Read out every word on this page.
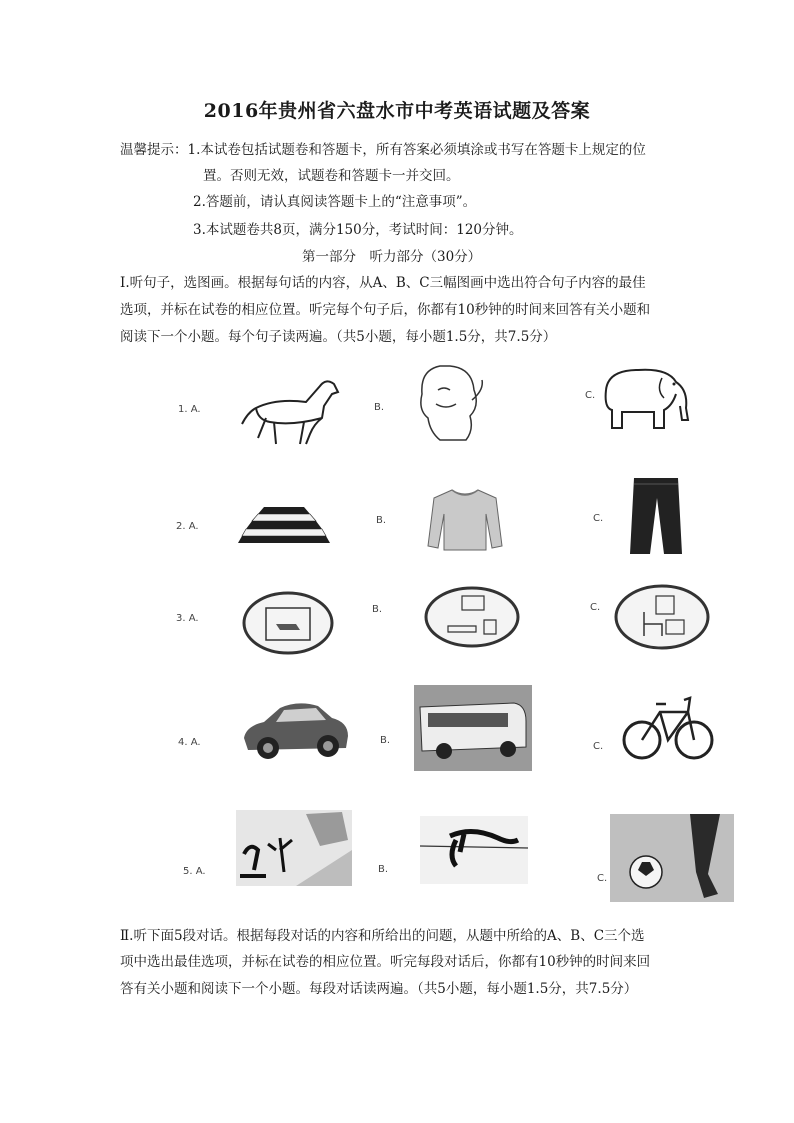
2016年贵州省六盘水市中考英语试题及答案
温馨提示：1.本试卷包括试题卷和答题卡，所有答案必须填涂或书写在答题卡上规定的位
置。否则无效，试题卷和答题卡一并交回。
2.答题前，请认真阅读答题卡上的“注意事项”。
3.本试题卷共8页，满分150分，考试时间：120分钟。
第一部分　听力部分（30分）
Ⅰ.听句子，选图画。根据每句话的内容，从A、B、C三幅图画中选出符合句子内容的最佳
选项，并标在试卷的相应位置。听完每个句子后，你都有10秒钟的时间来回答有关小题和
阅读下一个小题。每个句子读两遍。（共5小题，每小题1.5分，共7.5分）
1. A.	B.
C.
2. A.
B.	C.
3. A.
B.	C.
4. A.	B.
C.
5. A.	B.
C.
Ⅱ.听下面5段对话。根据每段对话的内容和所给出的问题，从题中所给的A、B、C三个选
项中选出最佳选项，并标在试卷的相应位置。听完每段对话后，你都有10秒钟的时间来回
答有关小题和阅读下一个小题。每段对话读两遍。（共5小题，每小题1.5分，共7.5分）
